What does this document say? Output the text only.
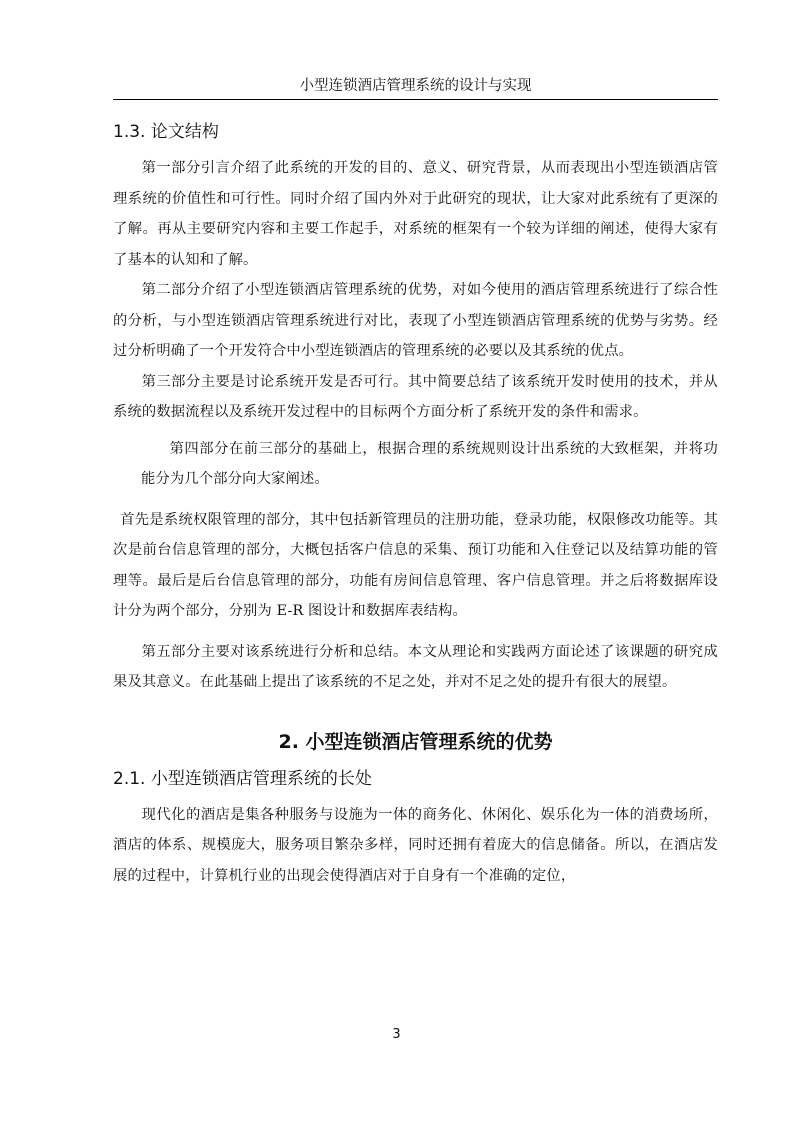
小型连锁酒店管理系统的设计与实现
1.3. 论文结构

第一部分引言介绍了此系统的开发的目的、意义、研究背景，从而表现出小型连锁酒店管理系统的价值性和可行性。同时介绍了国内外对于此研究的现状，让大家对此系统有了更深的了解。再从主要研究内容和主要工作起手，对系统的框架有一个较为详细的阐述，使得大家有了基本的认知和了解。

第二部分介绍了小型连锁酒店管理系统的优势，对如今使用的酒店管理系统进行了综合性的分析，与小型连锁酒店管理系统进行对比，表现了小型连锁酒店管理系统的优势与劣势。经过分析明确了一个开发符合中小型连锁酒店的管理系统的必要以及其系统的优点。

第三部分主要是讨论系统开发是否可行。其中简要总结了该系统开发时使用的技术，并从系统的数据流程以及系统开发过程中的目标两个方面分析了系统开发的条件和需求。

第四部分在前三部分的基础上，根据合理的系统规则设计出系统的大致框架，并将功能分为几个部分向大家阐述。

首先是系统权限管理的部分，其中包括新管理员的注册功能，登录功能，权限修改功能等。其次是前台信息管理的部分，大概包括客户信息的采集、预订功能和入住登记以及结算功能的管理等。最后是后台信息管理的部分，功能有房间信息管理、客户信息管理。并之后将数据库设计分为两个部分，分别为 E-R 图设计和数据库表结构。

第五部分主要对该系统进行分析和总结。本文从理论和实践两方面论述了该课题的研究成果及其意义。在此基础上提出了该系统的不足之处，并对不足之处的提升有很大的展望。

2. 小型连锁酒店管理系统的优势
2.1. 小型连锁酒店管理系统的长处

现代化的酒店是集各种服务与设施为一体的商务化、休闲化、娱乐化为一体的消费场所，酒店的体系、规模庞大，服务项目繁杂多样，同时还拥有着庞大的信息储备。所以，在酒店发展的过程中，计算机行业的出现会使得酒店对于自身有一个准确的定位，

3
